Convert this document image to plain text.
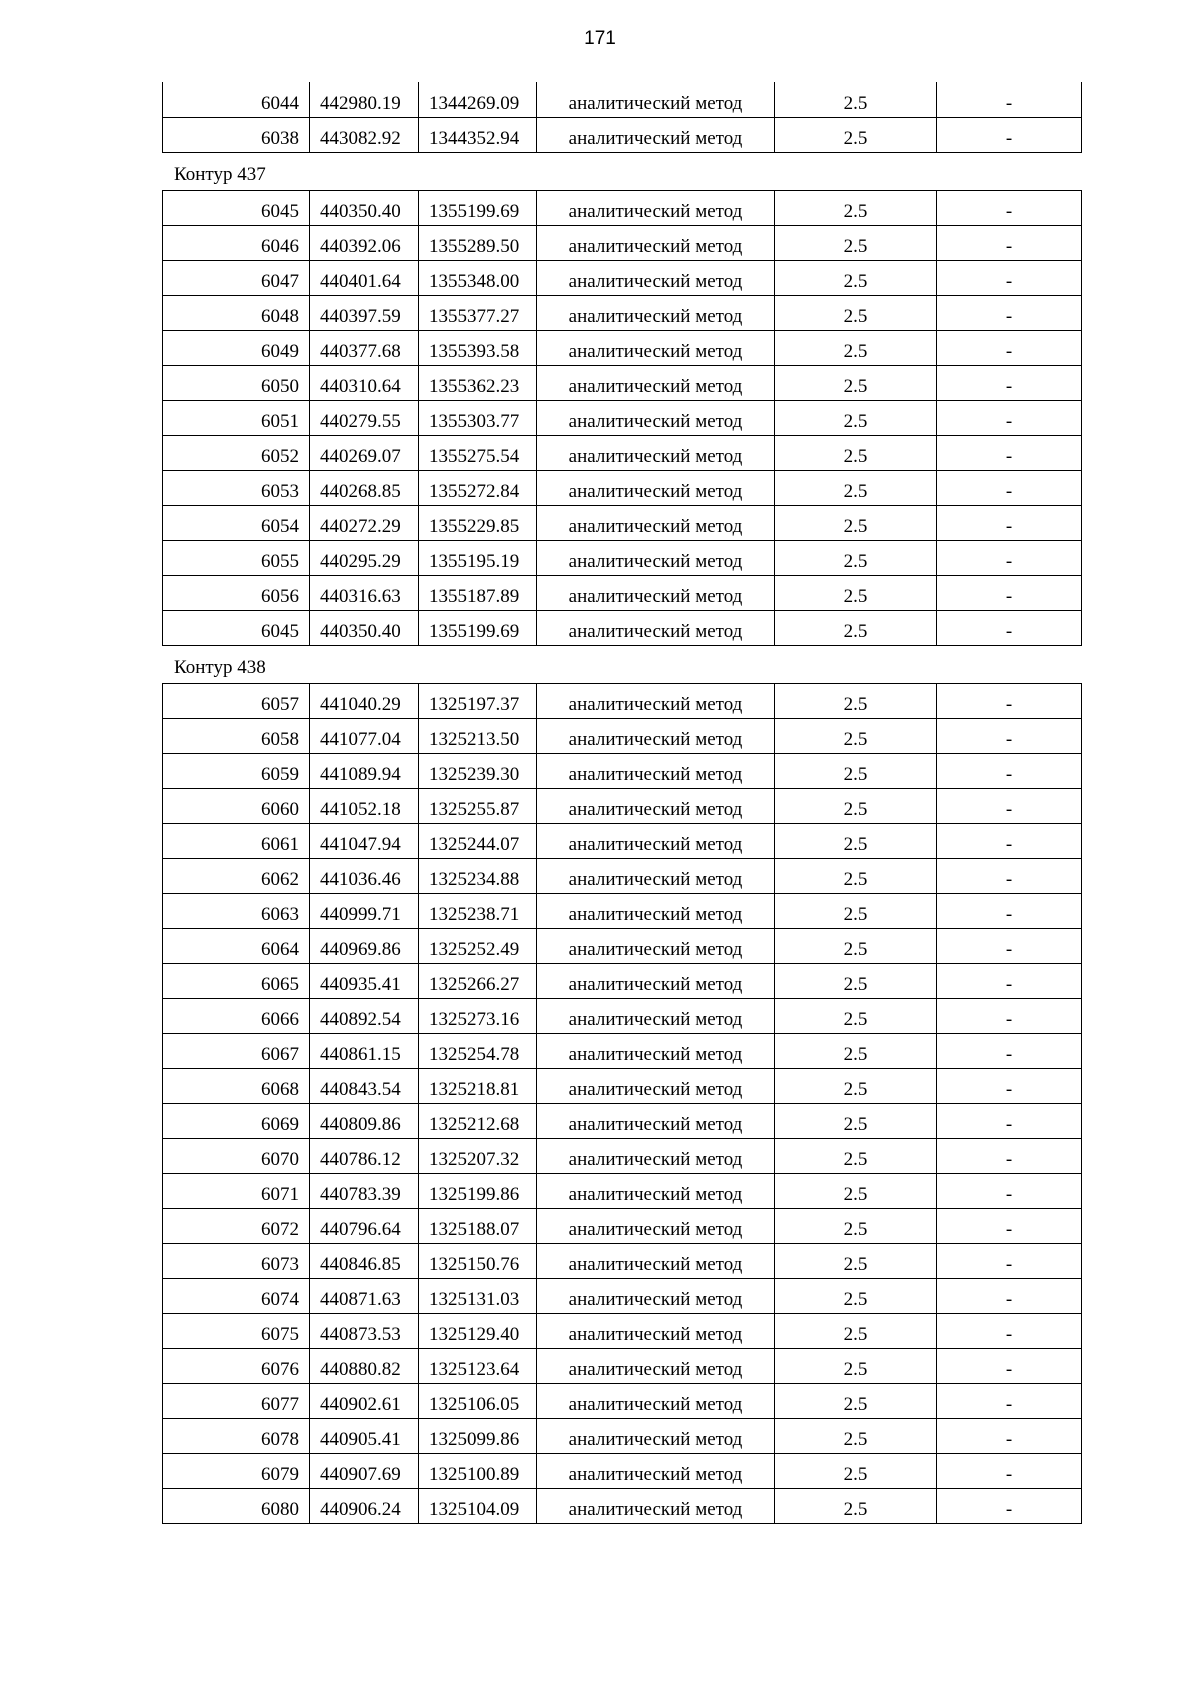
171
6044	442980.19	1344269.09	аналитический метод	2.5	-
6038	443082.92	1344352.94	аналитический метод	2.5	-
Контур 437
6045	440350.40	1355199.69	аналитический метод	2.5	-
6046	440392.06	1355289.50	аналитический метод	2.5	-
6047	440401.64	1355348.00	аналитический метод	2.5	-
6048	440397.59	1355377.27	аналитический метод	2.5	-
6049	440377.68	1355393.58	аналитический метод	2.5	-
6050	440310.64	1355362.23	аналитический метод	2.5	-
6051	440279.55	1355303.77	аналитический метод	2.5	-
6052	440269.07	1355275.54	аналитический метод	2.5	-
6053	440268.85	1355272.84	аналитический метод	2.5	-
6054	440272.29	1355229.85	аналитический метод	2.5	-
6055	440295.29	1355195.19	аналитический метод	2.5	-
6056	440316.63	1355187.89	аналитический метод	2.5	-
6045	440350.40	1355199.69	аналитический метод	2.5	-
Контур 438
6057	441040.29	1325197.37	аналитический метод	2.5	-
6058	441077.04	1325213.50	аналитический метод	2.5	-
6059	441089.94	1325239.30	аналитический метод	2.5	-
6060	441052.18	1325255.87	аналитический метод	2.5	-
6061	441047.94	1325244.07	аналитический метод	2.5	-
6062	441036.46	1325234.88	аналитический метод	2.5	-
6063	440999.71	1325238.71	аналитический метод	2.5	-
6064	440969.86	1325252.49	аналитический метод	2.5	-
6065	440935.41	1325266.27	аналитический метод	2.5	-
6066	440892.54	1325273.16	аналитический метод	2.5	-
6067	440861.15	1325254.78	аналитический метод	2.5	-
6068	440843.54	1325218.81	аналитический метод	2.5	-
6069	440809.86	1325212.68	аналитический метод	2.5	-
6070	440786.12	1325207.32	аналитический метод	2.5	-
6071	440783.39	1325199.86	аналитический метод	2.5	-
6072	440796.64	1325188.07	аналитический метод	2.5	-
6073	440846.85	1325150.76	аналитический метод	2.5	-
6074	440871.63	1325131.03	аналитический метод	2.5	-
6075	440873.53	1325129.40	аналитический метод	2.5	-
6076	440880.82	1325123.64	аналитический метод	2.5	-
6077	440902.61	1325106.05	аналитический метод	2.5	-
6078	440905.41	1325099.86	аналитический метод	2.5	-
6079	440907.69	1325100.89	аналитический метод	2.5	-
6080	440906.24	1325104.09	аналитический метод	2.5	-
